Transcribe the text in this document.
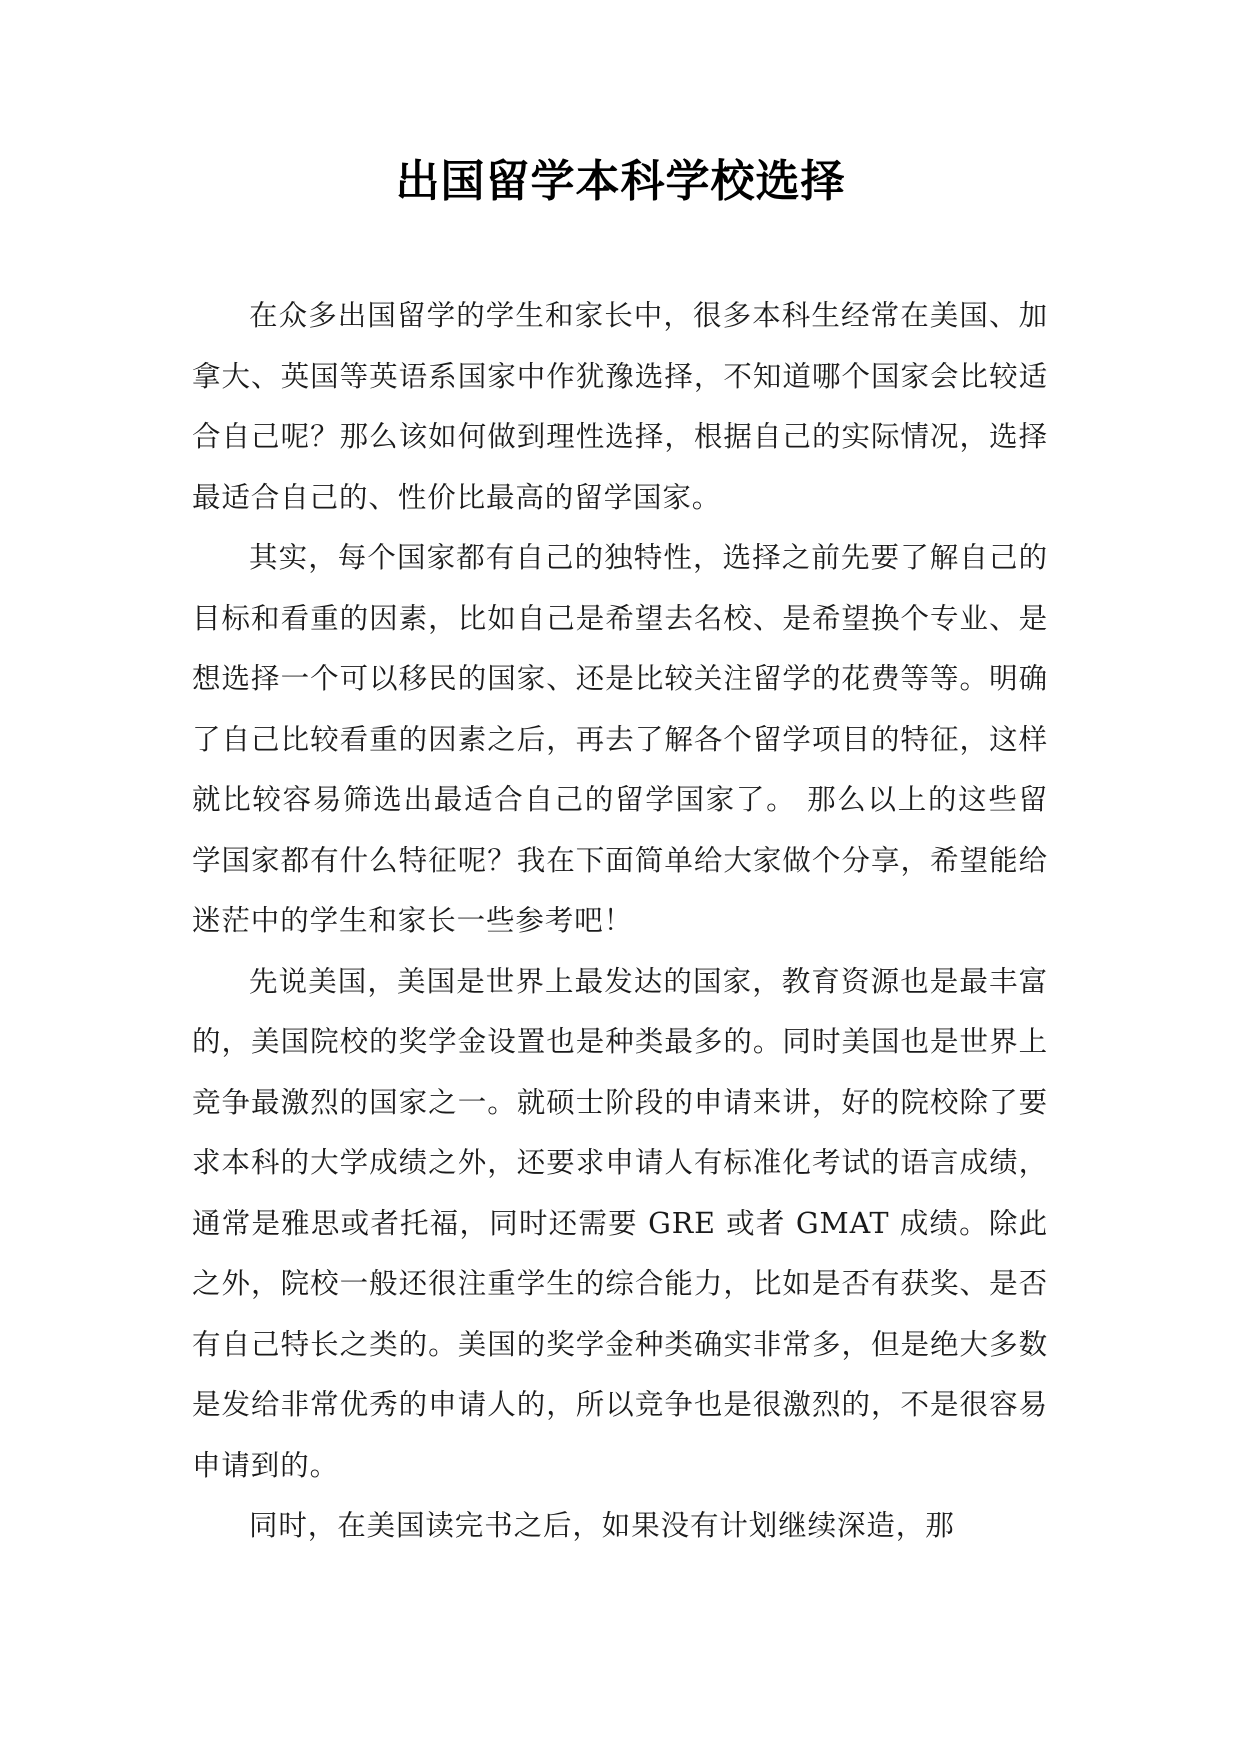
出国留学本科学校选择

在众多出国留学的学生和家长中，很多本科生经常在美国、加拿大、英国等英语系国家中作犹豫选择，不知道哪个国家会比较适合自己呢？那么该如何做到理性选择，根据自己的实际情况，选择最适合自己的、性价比最高的留学国家。

其实，每个国家都有自己的独特性，选择之前先要了解自己的目标和看重的因素，比如自己是希望去名校、是希望换个专业、是想选择一个可以移民的国家、还是比较关注留学的花费等等。明确了自己比较看重的因素之后，再去了解各个留学项目的特征，这样就比较容易筛选出最适合自己的留学国家了。 那么以上的这些留学国家都有什么特征呢？我在下面简单给大家做个分享，希望能给迷茫中的学生和家长一些参考吧！

先说美国，美国是世界上最发达的国家，教育资源也是最丰富的，美国院校的奖学金设置也是种类最多的。同时美国也是世界上竞争最激烈的国家之一。就硕士阶段的申请来讲，好的院校除了要求本科的大学成绩之外，还要求申请人有标准化考试的语言成绩，通常是雅思或者托福，同时还需要 GRE 或者 GMAT 成绩。除此之外，院校一般还很注重学生的综合能力，比如是否有获奖、是否有自己特长之类的。美国的奖学金种类确实非常多，但是绝大多数是发给非常优秀的申请人的，所以竞争也是很激烈的，不是很容易申请到的。

同时，在美国读完书之后，如果没有计划继续深造，那
